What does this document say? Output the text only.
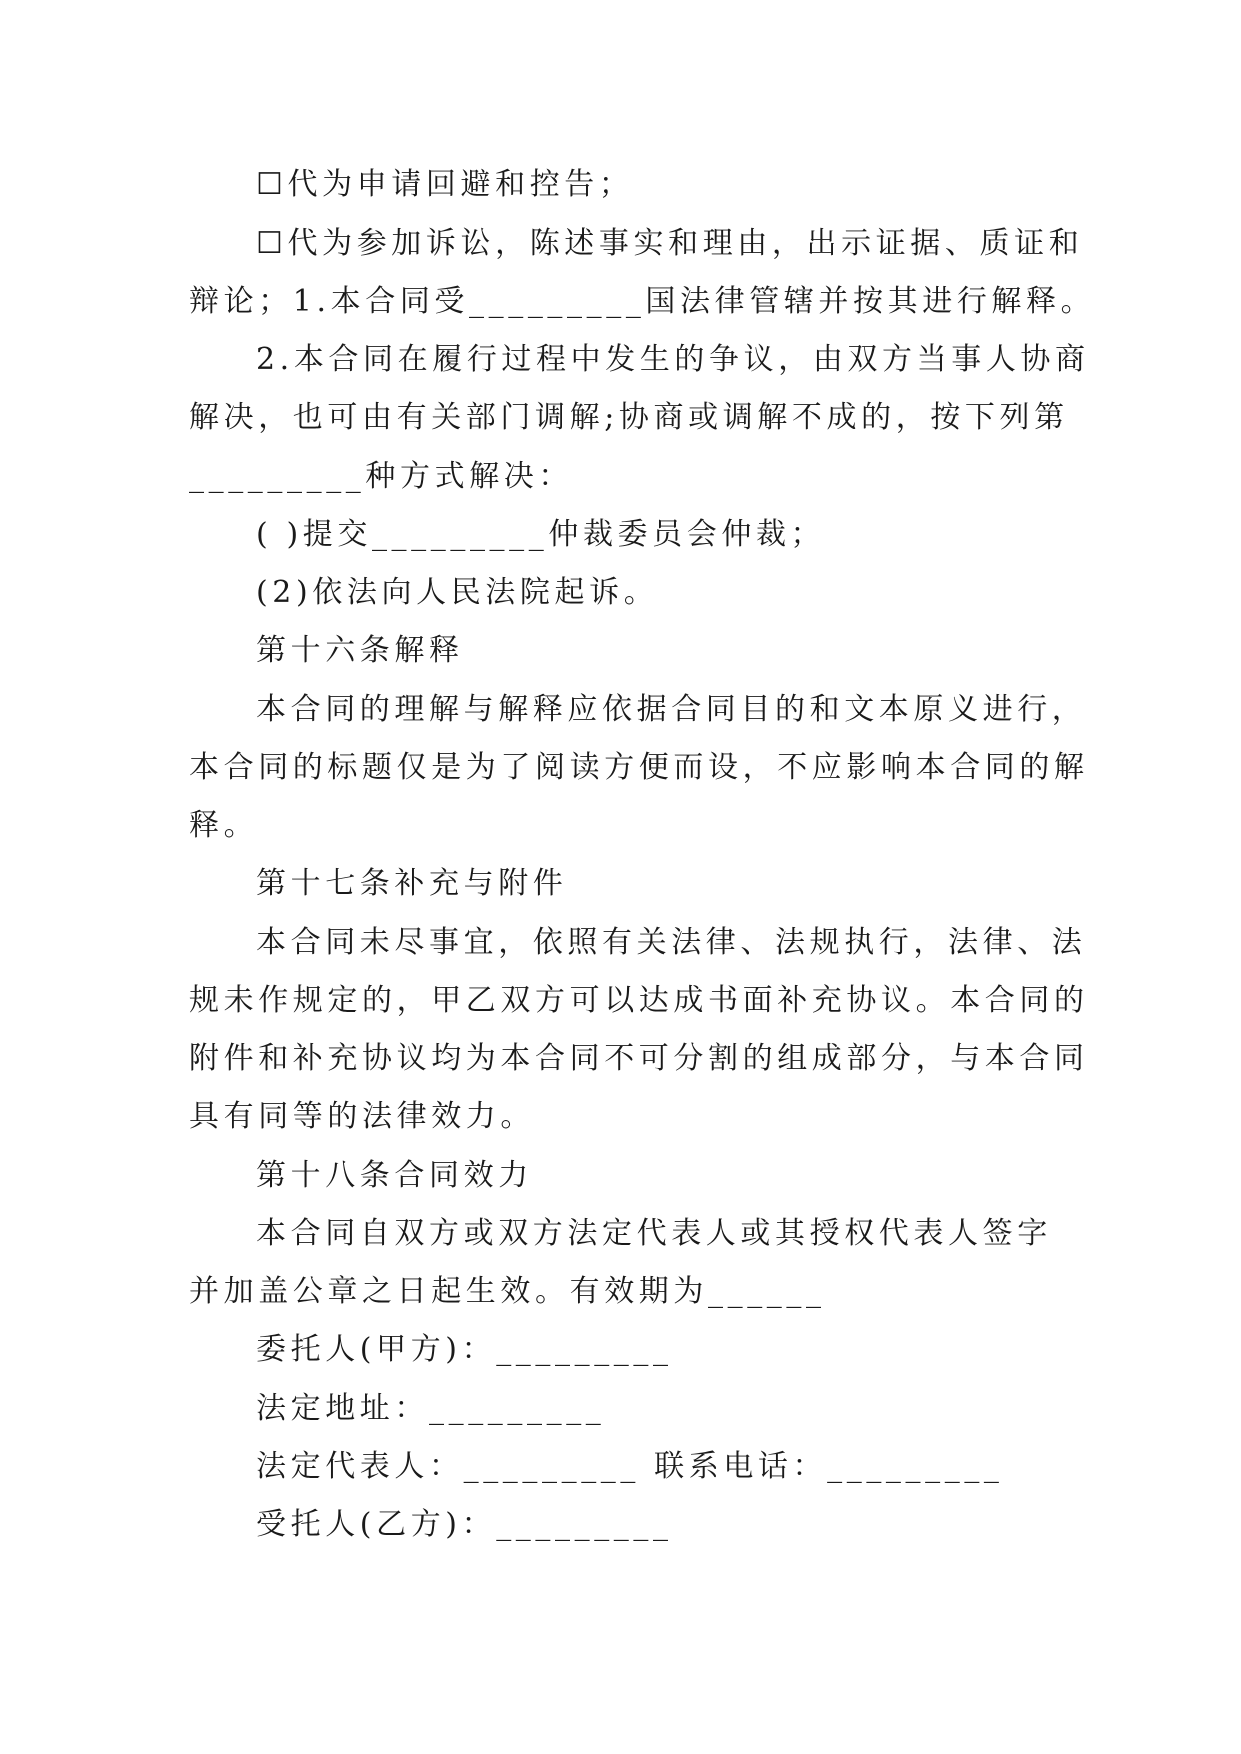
☐代为申请回避和控告；
☐代为参加诉讼，陈述事实和理由，出示证据、质证和
辩论；1.本合同受_________国法律管辖并按其进行解释。
2.本合同在履行过程中发生的争议，由双方当事人协商
解决，也可由有关部门调解;协商或调解不成的，按下列第
_________种方式解决：
( )提交_________仲裁委员会仲裁；
(2)依法向人民法院起诉。
第十六条解释
本合同的理解与解释应依据合同目的和文本原义进行，
本合同的标题仅是为了阅读方便而设，不应影响本合同的解
释。
第十七条补充与附件
本合同未尽事宜，依照有关法律、法规执行，法律、法
规未作规定的，甲乙双方可以达成书面补充协议。本合同的
附件和补充协议均为本合同不可分割的组成部分，与本合同
具有同等的法律效力。
第十八条合同效力
本合同自双方或双方法定代表人或其授权代表人签字
并加盖公章之日起生效。有效期为______
委托人(甲方)：_________
法定地址：_________
法定代表人：_________ 联系电话：_________
受托人(乙方)：_________
